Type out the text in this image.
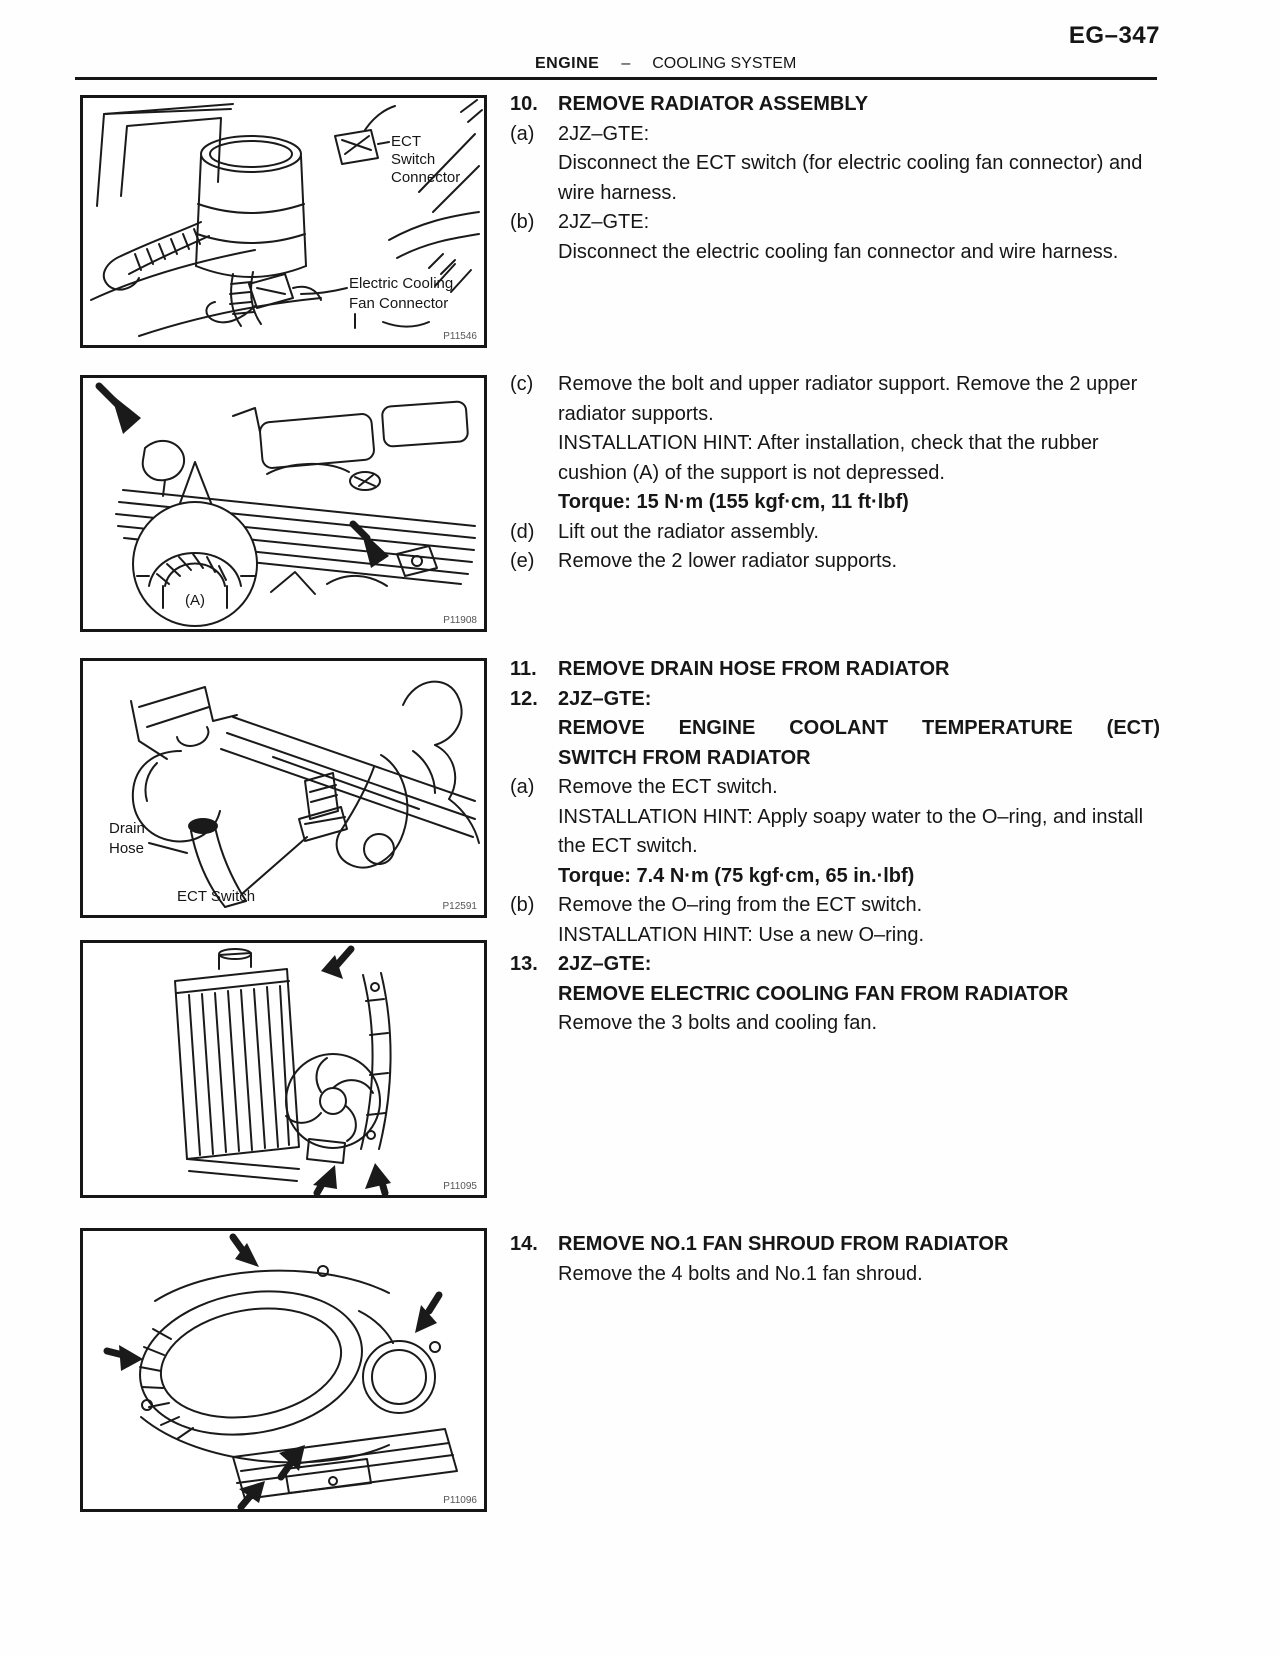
EG–347
ENGINE – COOLING SYSTEM
ECT
Switch
Connector
Electric Cooling
Fan Connector
P11546
(A)
P11908
Drain
Hose
ECT Switch
P12591
P11095
P11096
10.	REMOVE RADIATOR ASSEMBLY
(a)	2JZ–GTE:
Disconnect the ECT switch (for electric cooling fan connector) and wire harness.
(b)	2JZ–GTE:
Disconnect the electric cooling fan connector and wire harness.
(c)	Remove the bolt and upper radiator support. Remove the 2 upper radiator supports.
INSTALLATION HINT: After installation, check that the rubber cushion (A) of the support is not depressed.
Torque: 15 N·m (155 kgf·cm, 11 ft·lbf)
(d)	Lift out the radiator assembly.
(e)	Remove the 2 lower radiator supports.
11.	REMOVE DRAIN HOSE FROM RADIATOR
12.	2JZ–GTE:
REMOVE ENGINE COOLANT TEMPERATURE (ECT)
SWITCH FROM RADIATOR
(a)	Remove the ECT switch.
INSTALLATION HINT: Apply soapy water to the O–ring, and install the ECT switch.
Torque: 7.4 N·m (75 kgf·cm, 65 in.·lbf)
(b)	Remove the O–ring from the ECT switch.
INSTALLATION HINT: Use a new O–ring.
13.	2JZ–GTE:
REMOVE ELECTRIC COOLING FAN FROM RADIATOR
Remove the 3 bolts and cooling fan.
14.	REMOVE NO.1 FAN SHROUD FROM RADIATOR
Remove the 4 bolts and No.1 fan shroud.
